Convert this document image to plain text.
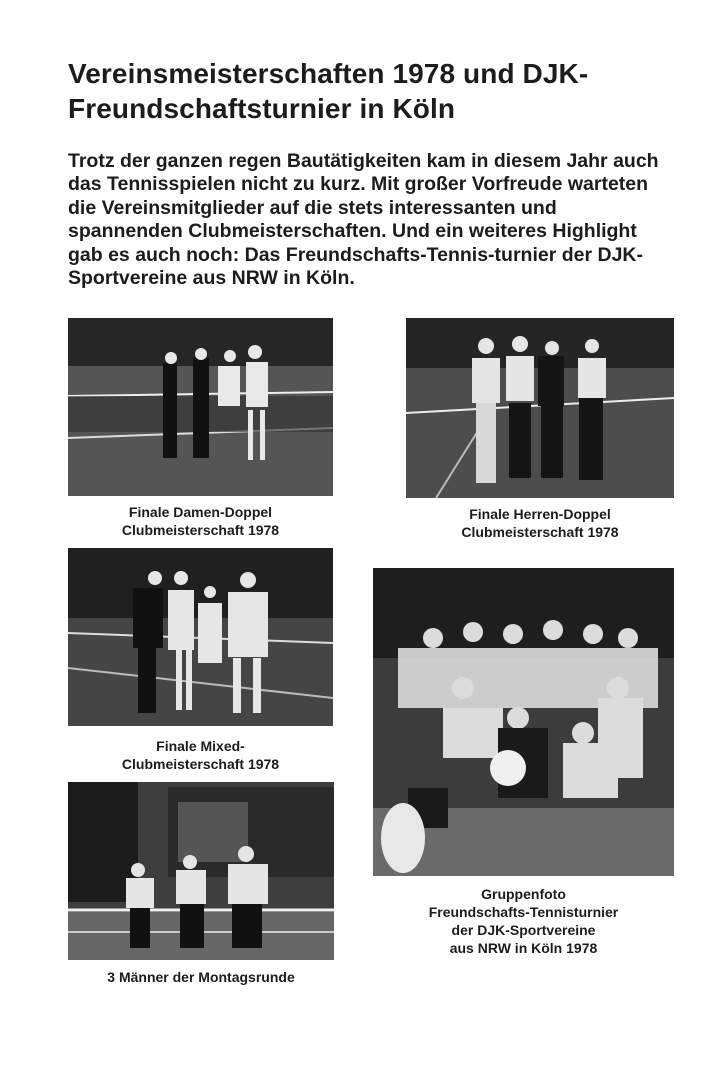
Vereinsmeisterschaften 1978 und DJK-Freundschaftsturnier in Köln
Trotz der ganzen regen Bautätigkeiten kam in diesem Jahr auch das Tennisspielen nicht zu kurz. Mit großer Vorfreude warteten die Vereinsmitglieder auf die stets interessanten und spannenden Clubmeisterschaften. Und ein weiteres Highlight gab es auch noch: Das Freundschafts-Tennis-turnier der DJK-Sportvereine aus NRW in Köln.
Finale Damen-Doppel
Clubmeisterschaft 1978
Finale Herren-Doppel
Clubmeisterschaft 1978
Finale Mixed-
Clubmeisterschaft 1978
Gruppenfoto
Freundschafts-Tennisturnier
der DJK-Sportvereine
aus NRW in Köln 1978
3 Männer der Montagsrunde
